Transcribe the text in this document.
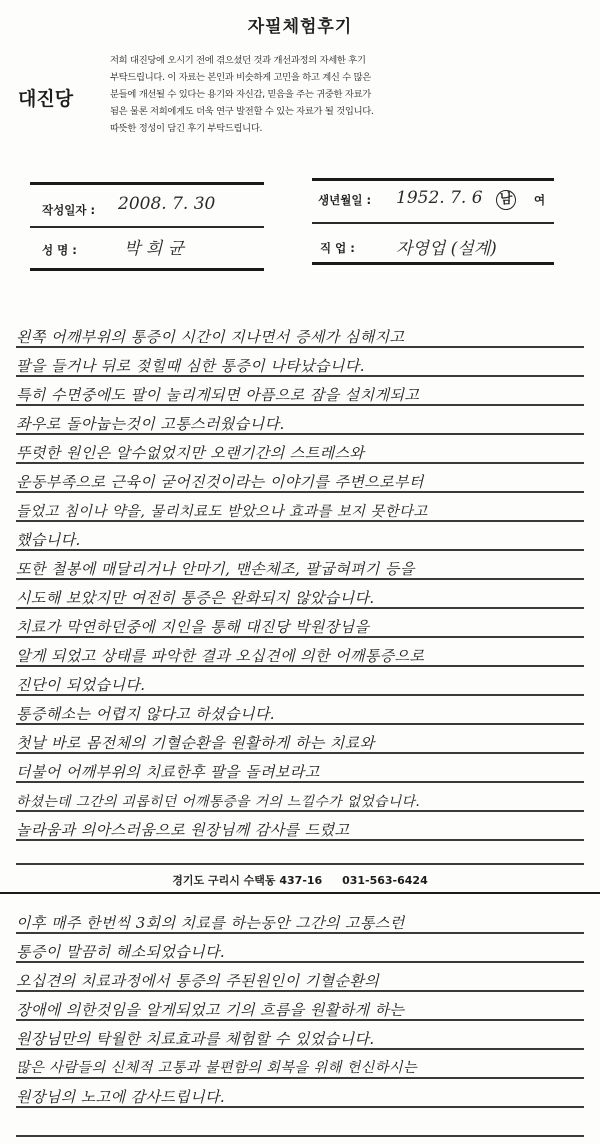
자필체험후기
대진당
저희 대진당에 오시기 전에 겪으셨던 것과 개선과정의 자세한 후기
부탁드립니다. 이 자료는 본인과 비슷하게 고민을 하고 계신 수 많은
분들에 개선될 수 있다는 용기와 자신감, 믿음을 주는 귀중한 자료가
됨은 물론 저희에게도 더욱 연구 발전할 수 있는 자료가 될 것입니다.
따뜻한 정성이 담긴 후기 부탁드립니다.
작성일자 : 2008. 7. 30	생년월일 : 1952. 7. 6 남	여
성 명 :	박 희 균	직 업 : 자영업 (설계)
왼쪽 어깨부위의 통증이 시간이 지나면서 증세가 심해지고
팔을 들거나 뒤로 젖힐때 심한 통증이 나타났습니다.
특히 수면중에도 팔이 눌리게되면 아픔으로 잠을 설치게되고
좌우로 돌아눕는것이 고통스러웠습니다.
뚜렷한 원인은 알수없었지만 오랜기간의 스트레스와
운동부족으로 근육이 굳어진것이라는 이야기를 주변으로부터
들었고 침이나 약을, 물리치료도 받았으나 효과를 보지 못한다고
했습니다.
또한 철봉에 매달리거나 안마기, 맨손체조, 팔굽혀펴기 등을
시도해 보았지만 여전히 통증은 완화되지 않았습니다.
치료가 막연하던중에 지인을 통해 대진당 박원장님을
알게 되었고 상태를 파악한 결과 오십견에 의한 어깨통증으로
진단이 되었습니다.
통증해소는 어렵지 않다고 하셨습니다.
첫날 바로 몸전체의 기혈순환을 원활하게 하는 치료와
더불어 어깨부위의 치료한후 팔을 돌려보라고
하셨는데 그간의 괴롭히던 어깨통증을 거의 느낄수가 없었습니다.
놀라움과 의아스러움으로 원장님께 감사를 드렸고
경기도 구리시 수택동 437-16 031-563-6424
이후 매주 한번씩 3회의 치료를 하는동안 그간의 고통스런
통증이 말끔히 해소되었습니다.
오십견의 치료과정에서 통증의 주된원인이 기혈순환의
장애에 의한것임을 알게되었고 기의 흐름을 원활하게 하는
원장님만의 탁월한 치료효과를 체험할 수 있었습니다.
많은 사람들의 신체적 고통과 불편함의 회복을 위해 헌신하시는
원장님의 노고에 감사드립니다.
